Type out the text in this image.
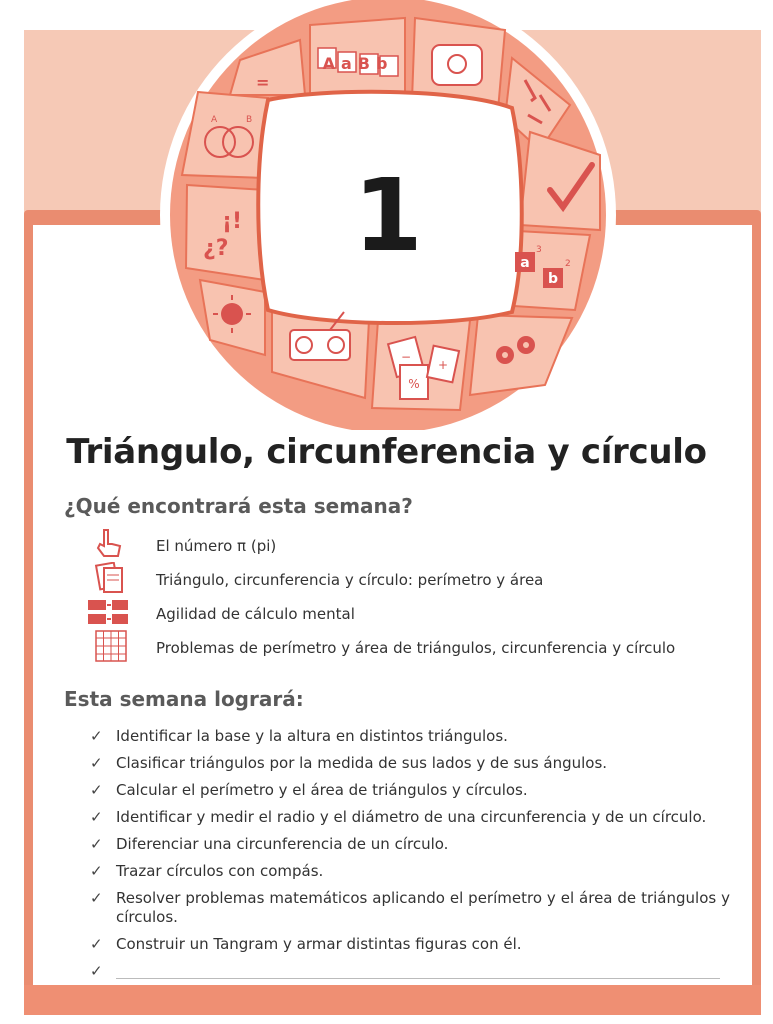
1
AaBb
A	B
=
¡!
¿?
a
b
3
2
%
+
−
Triángulo, circunferencia y círculo
¿Qué encontrará esta semana?
El número π (pi)
Triángulo, circunferencia y círculo: perímetro y área
Agilidad de cálculo mental
Problemas de perímetro y área de triángulos, circunferencia y círculo
Esta semana logrará:
✓ Identificar la base y la altura en distintos triángulos.
✓ Clasificar triángulos por la medida de sus lados y de sus ángulos.
✓ Calcular el perímetro y el área de triángulos y círculos.
✓ Identificar y medir el radio y el diámetro de una circunferencia y de un círculo.
✓ Diferenciar una circunferencia de un círculo.
✓ Trazar círculos con compás.
✓ Resolver problemas matemáticos aplicando el perímetro y el área de triángulos y círculos.
✓ Construir un Tangram y armar distintas figuras con él.
✓
